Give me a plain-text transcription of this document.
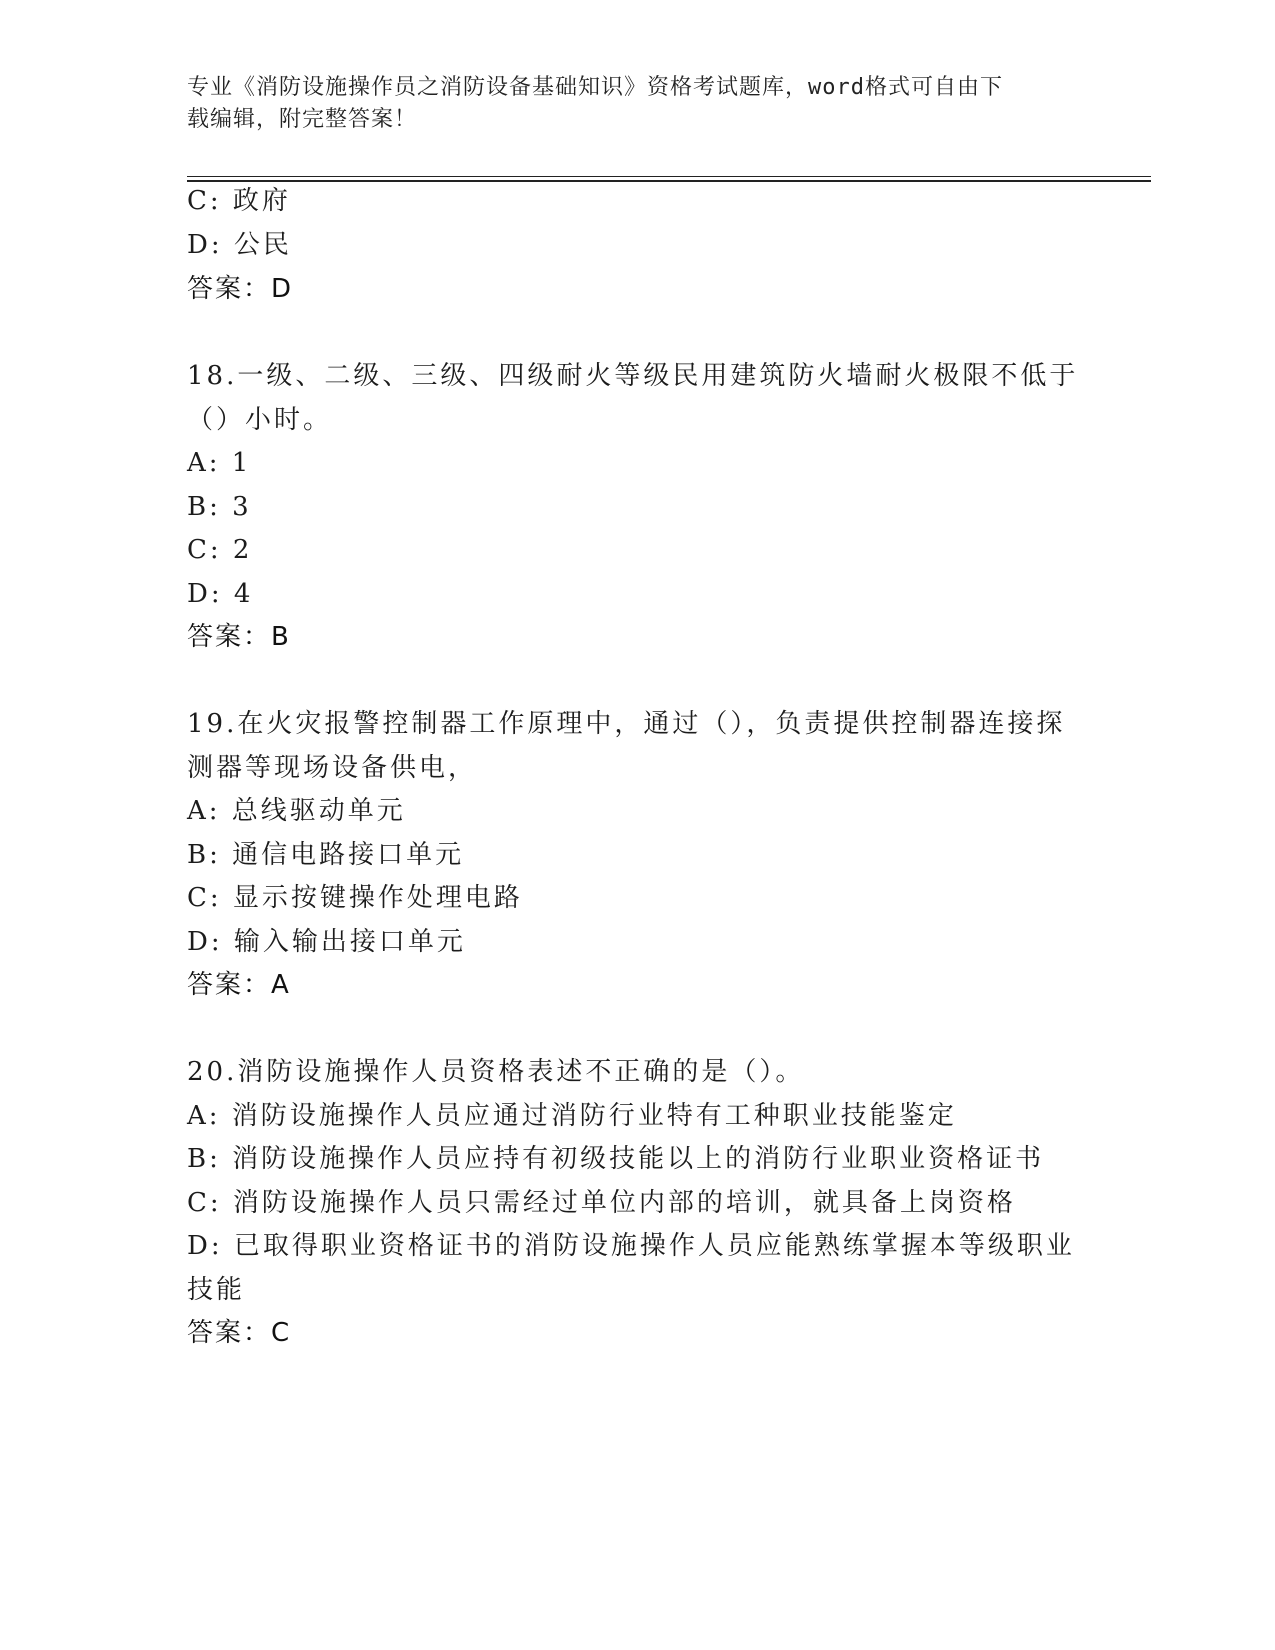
专业《消防设施操作员之消防设备基础知识》资格考试题库，word格式可自由下
载编辑，附完整答案！
C: 政府
D: 公民
答案：D
18.一级、二级、三级、四级耐火等级民用建筑防火墙耐火极限不低于
（）小时。
A: 1
B: 3
C: 2
D: 4
答案：B
19.在火灾报警控制器工作原理中，通过（），负责提供控制器连接探
测器等现场设备供电，
A: 总线驱动单元
B: 通信电路接口单元
C: 显示按键操作处理电路
D: 输入输出接口单元
答案：A
20.消防设施操作人员资格表述不正确的是（）。
A: 消防设施操作人员应通过消防行业特有工种职业技能鉴定
B: 消防设施操作人员应持有初级技能以上的消防行业职业资格证书
C: 消防设施操作人员只需经过单位内部的培训，就具备上岗资格
D: 已取得职业资格证书的消防设施操作人员应能熟练掌握本等级职业
技能
答案：C
